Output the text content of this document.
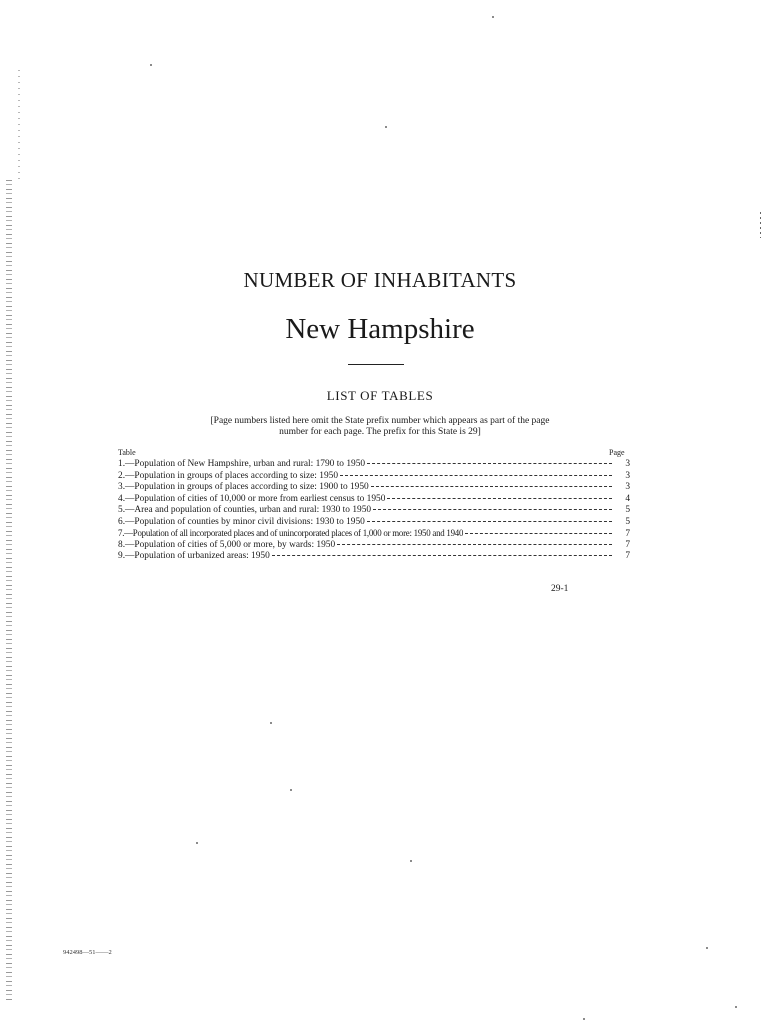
NUMBER OF INHABITANTS
New Hampshire
LIST OF TABLES
[Page numbers listed here omit the State prefix number which appears as part of the page
number for each page. The prefix for this State is 29]
Table	Page
1.—Population of New Hampshire, urban and rural: 1790 to 1950	3
2.—Population in groups of places according to size: 1950	3
3.—Population in groups of places according to size: 1900 to 1950	3
4.—Population of cities of 10,000 or more from earliest census to 1950	4
5.—Area and population of counties, urban and rural: 1930 to 1950	5
6.—Population of counties by minor civil divisions: 1930 to 1950	5
7.—Population of all incorporated places and of unincorporated places of 1,000 or more: 1950 and 1940	7
8.—Population of cities of 5,000 or more, by wards: 1950	7
9.—Population of urbanized areas: 1950	7
29-1
942498—51——2
